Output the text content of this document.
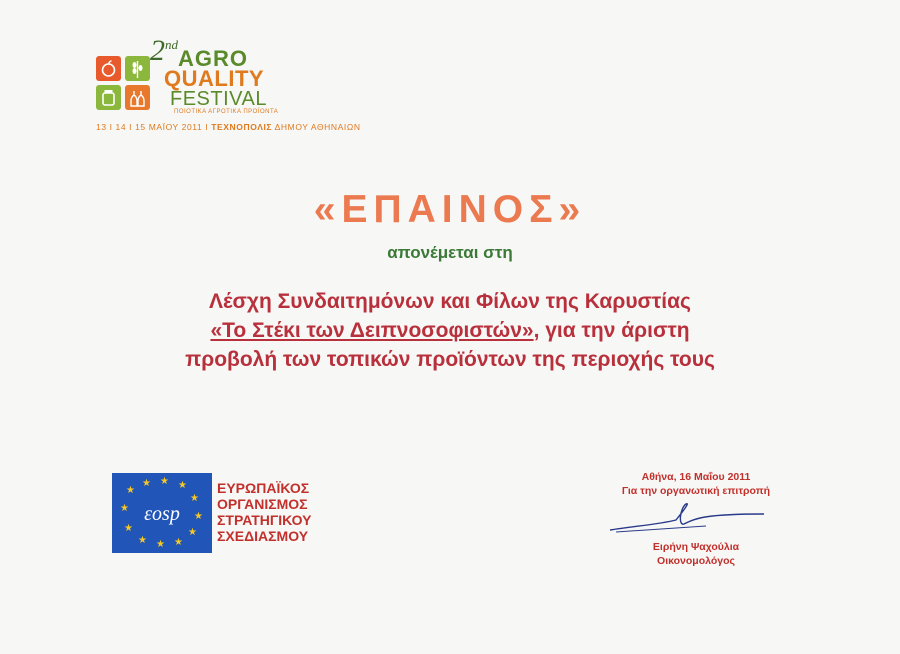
2nd
AGRO
QUALITY
FESTIVAL
ΠΟΙΟΤΙΚΑ ΑΓΡΟΤΙΚΑ ΠΡΟΪΟΝΤΑ
13 I 14 I 15 ΜΑΪΟΥ 2011 I ΤΕΧΝΟΠΟΛΙΣ ΔΗΜΟΥ ΑΘΗΝΑΙΩΝ
«ΕΠΑΙΝΟΣ»
απονέμεται στη
Λέσχη Συνδαιτημόνων και Φίλων της Καρυστίας
«Το Στέκι των Δειπνοσοφιστών», για την άριστη
προβολή των τοπικών προϊόντων της περιοχής τους
★
★ ★ ★
★
★
★
★	★
★ ★ ★
εοsp
ΕΥΡΩΠΑΪΚΟΣ
ΟΡΓΑΝΙΣΜΟΣ
ΣΤΡΑΤΗΓΙΚΟΥ
ΣΧΕΔΙΑΣΜΟΥ
Αθήνα, 16 Μαΐου 2011
Για την οργανωτική επιτροπή
Ειρήνη Ψαχούλια
Οικονομολόγος
